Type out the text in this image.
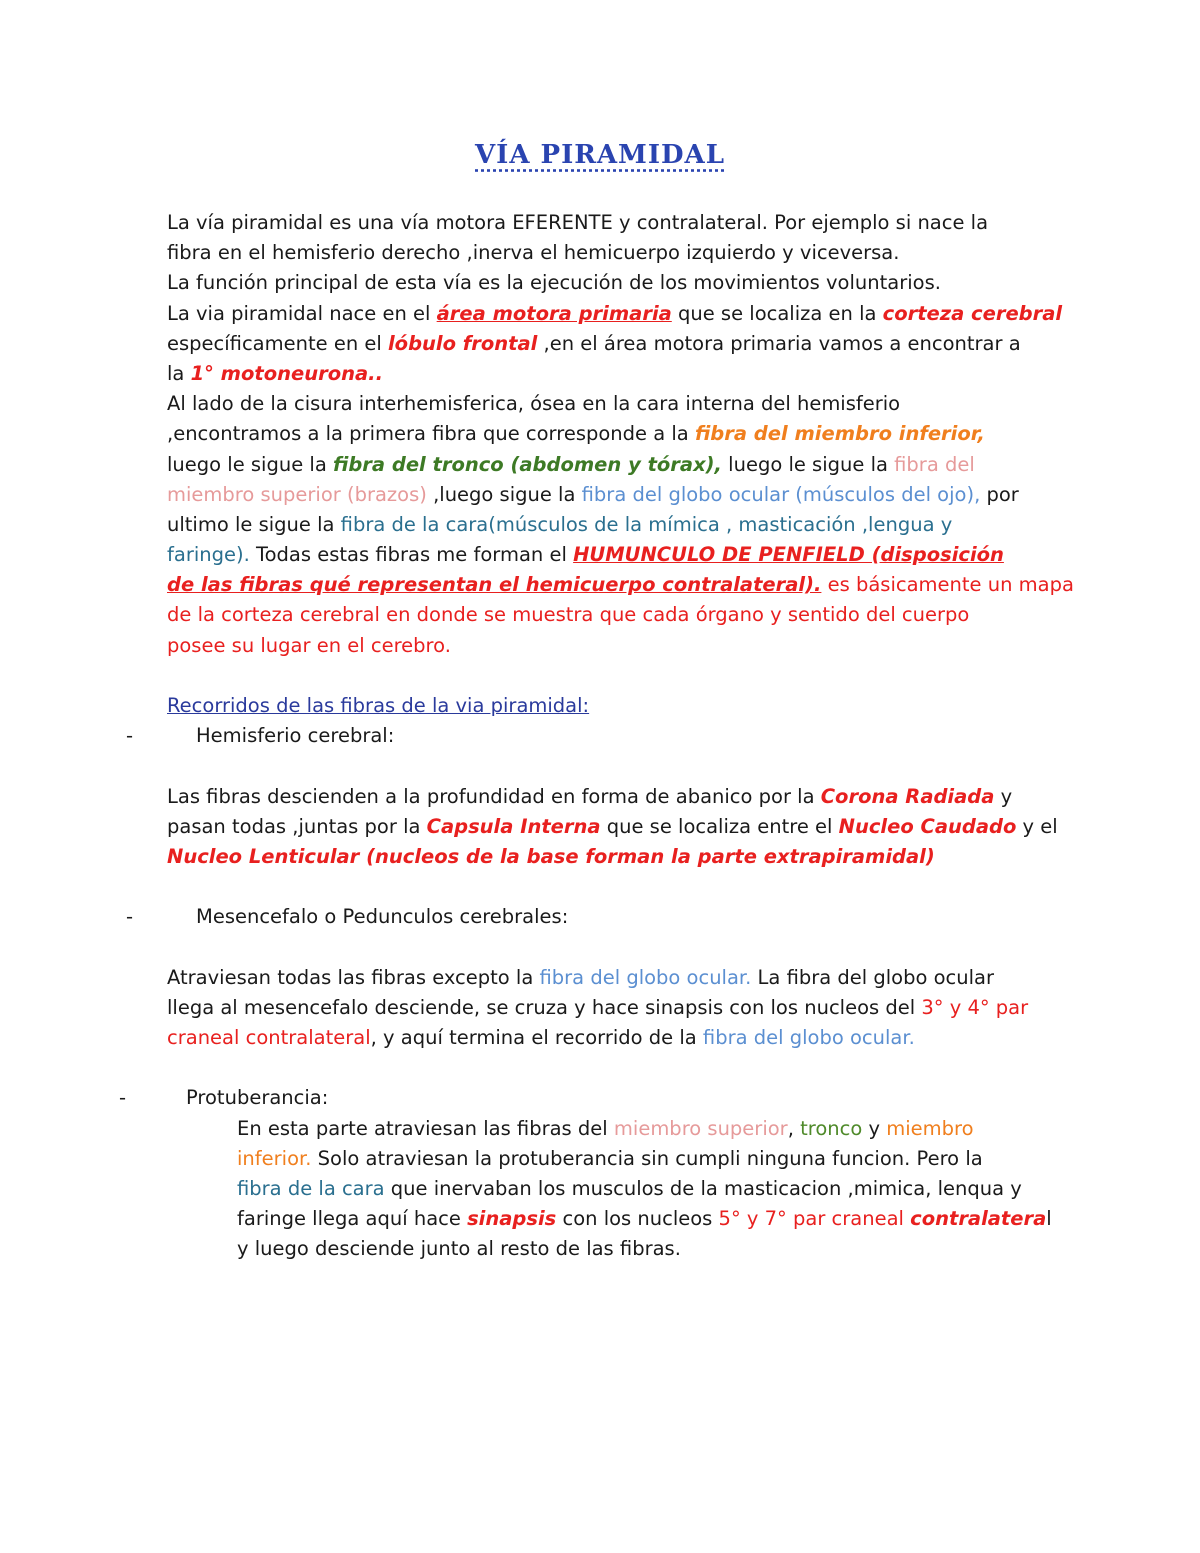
VÍA PIRAMIDAL
La vía piramidal es una vía motora EFERENTE y contralateral. Por ejemplo si nace la
fibra en el hemisferio derecho ,inerva el hemicuerpo izquierdo y viceversa.
La función principal de esta vía es la ejecución de los movimientos voluntarios.
La via piramidal nace en el área motora primaria que se localiza en la corteza cerebral
específicamente en el lóbulo frontal ,en el área motora primaria vamos a encontrar a
la 1° motoneurona..
Al lado de la cisura interhemisferica, ósea en la cara interna del hemisferio
,encontramos a la primera fibra que corresponde a la fibra del miembro inferior,
luego le sigue la fibra del tronco (abdomen y tórax), luego le sigue la fibra del
miembro superior (brazos) ,luego sigue la fibra del globo ocular (músculos del ojo), por
ultimo le sigue la fibra de la cara(músculos de la mímica , masticación ,lengua y
faringe). Todas estas fibras me forman el HUMUNCULO DE PENFIELD (disposición
de las fibras qué representan el hemicuerpo contralateral). es básicamente un mapa
de la corteza cerebral en donde se muestra que cada órgano y sentido del cuerpo
posee su lugar en el cerebro.
Recorridos de las fibras de la via piramidal:
-	Hemisferio cerebral:
Las fibras descienden a la profundidad en forma de abanico por la Corona Radiada y
pasan todas ,juntas por la Capsula Interna que se localiza entre el Nucleo Caudado y el
Nucleo Lenticular (nucleos de la base forman la parte extrapiramidal)
-	Mesencefalo o Pedunculos cerebrales:
Atraviesan todas las fibras excepto la fibra del globo ocular. La fibra del globo ocular
llega al mesencefalo desciende, se cruza y hace sinapsis con los nucleos del 3° y 4° par
craneal contralateral, y aquí termina el recorrido de la fibra del globo ocular.
-	Protuberancia:
En esta parte atraviesan las fibras del miembro superior, tronco y miembro
inferior. Solo atraviesan la protuberancia sin cumpli ninguna funcion. Pero la
fibra de la cara que inervaban los musculos de la masticacion ,mimica, lenqua y
faringe llega aquí hace sinapsis con los nucleos 5° y 7° par craneal contralateral
y luego desciende junto al resto de las fibras.
